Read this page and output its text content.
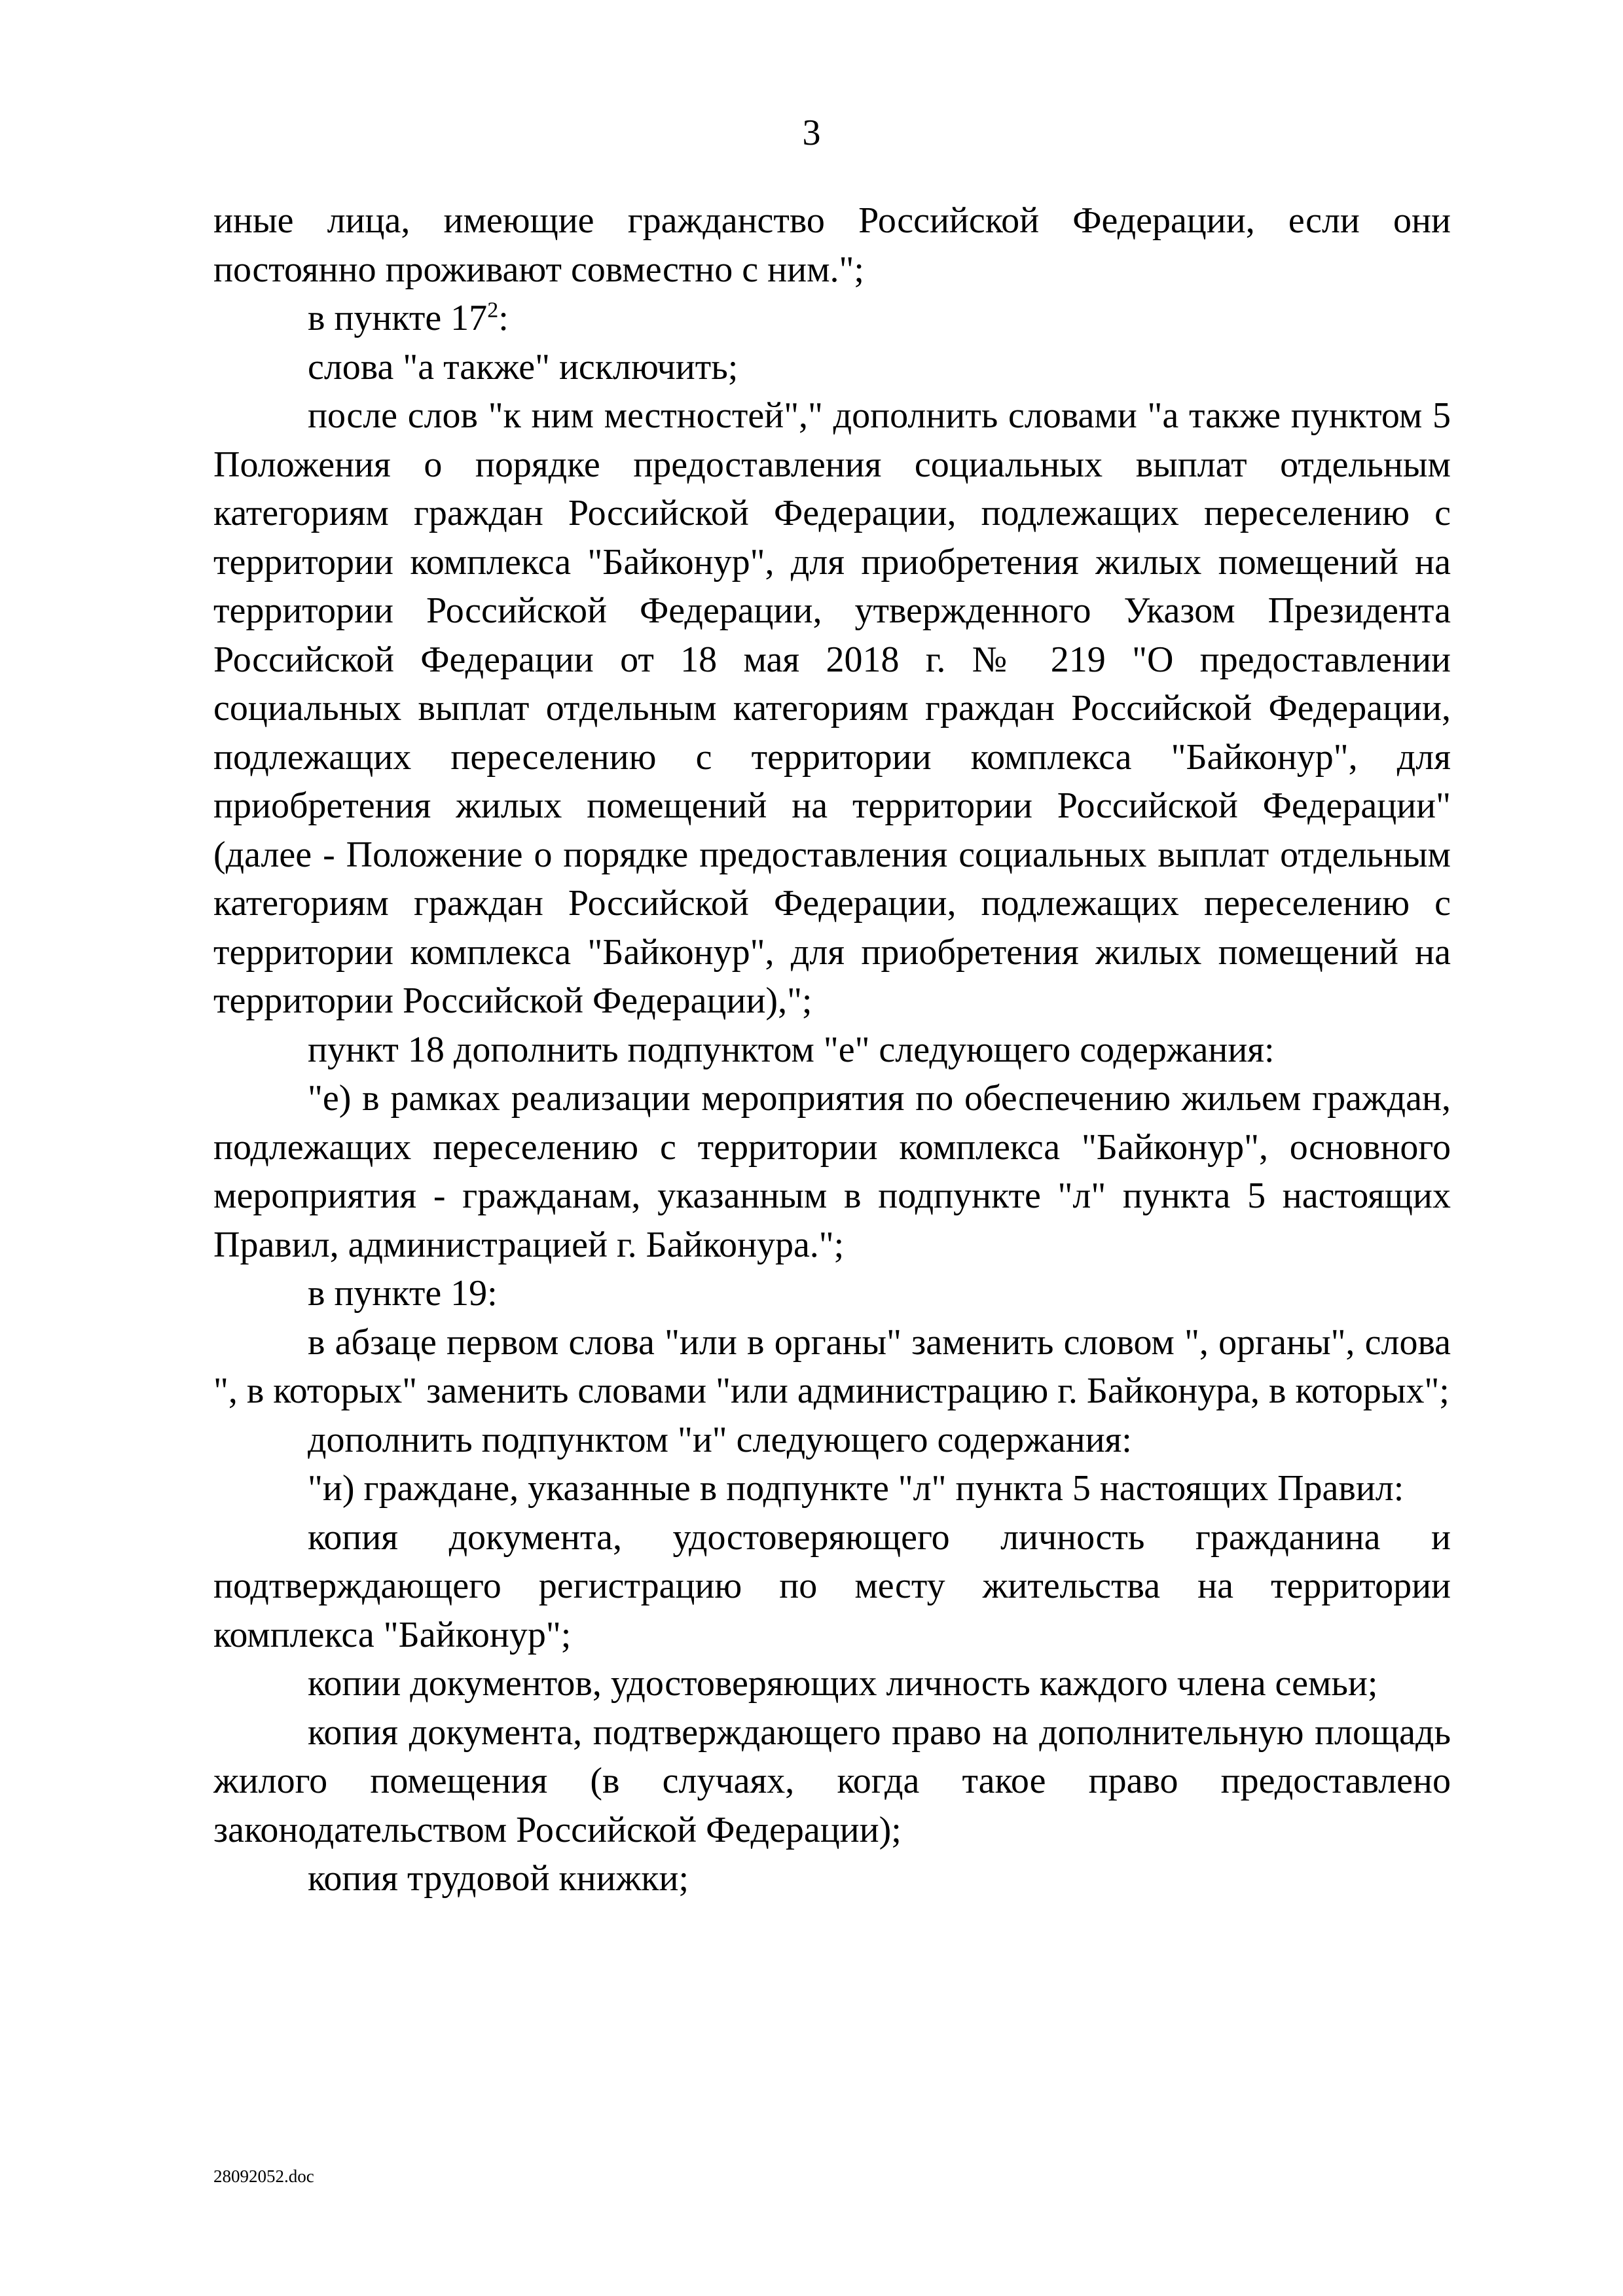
3

иные лица, имеющие гражданство Российской Федерации, если они постоянно проживают совместно с ним.";

в пункте $17^2$:

слова "а также" исключить;

после слов "к ним местностей"," дополнить словами "а также пунктом 5 Положения о порядке предоставления социальных выплат отдельным категориям граждан Российской Федерации, подлежащих переселению с территории комплекса "Байконур", для приобретения жилых помещений на территории Российской Федерации, утвержденного Указом Президента Российской Федерации от 18 мая 2018 г. № 219 "О предоставлении социальных выплат отдельным категориям граждан Российской Федерации, подлежащих переселению с территории комплекса "Байконур", для приобретения жилых помещений на территории Российской Федерации" (далее - Положение о порядке предоставления социальных выплат отдельным категориям граждан Российской Федерации, подлежащих переселению с территории комплекса "Байконур", для приобретения жилых помещений на территории Российской Федерации),";

пункт 18 дополнить подпунктом "е" следующего содержания:

"е) в рамках реализации мероприятия по обеспечению жильем граждан, подлежащих переселению с территории комплекса "Байконур", основного мероприятия - гражданам, указанным в подпункте "л" пункта 5 настоящих Правил, администрацией г. Байконура.";

в пункте 19:

в абзаце первом слова "или в органы" заменить словом ", органы", слова ", в которых" заменить словами "или администрацию г. Байконура, в которых";

дополнить подпунктом "и" следующего содержания:

"и) граждане, указанные в подпункте "л" пункта 5 настоящих Правил:

копия документа, удостоверяющего личность гражданина и подтверждающего регистрацию по месту жительства на территории комплекса "Байконур";

копии документов, удостоверяющих личность каждого члена семьи;

копия документа, подтверждающего право на дополнительную площадь жилого помещения (в случаях, когда такое право предоставлено законодательством Российской Федерации);

копия трудовой книжки;

28092052.doc
